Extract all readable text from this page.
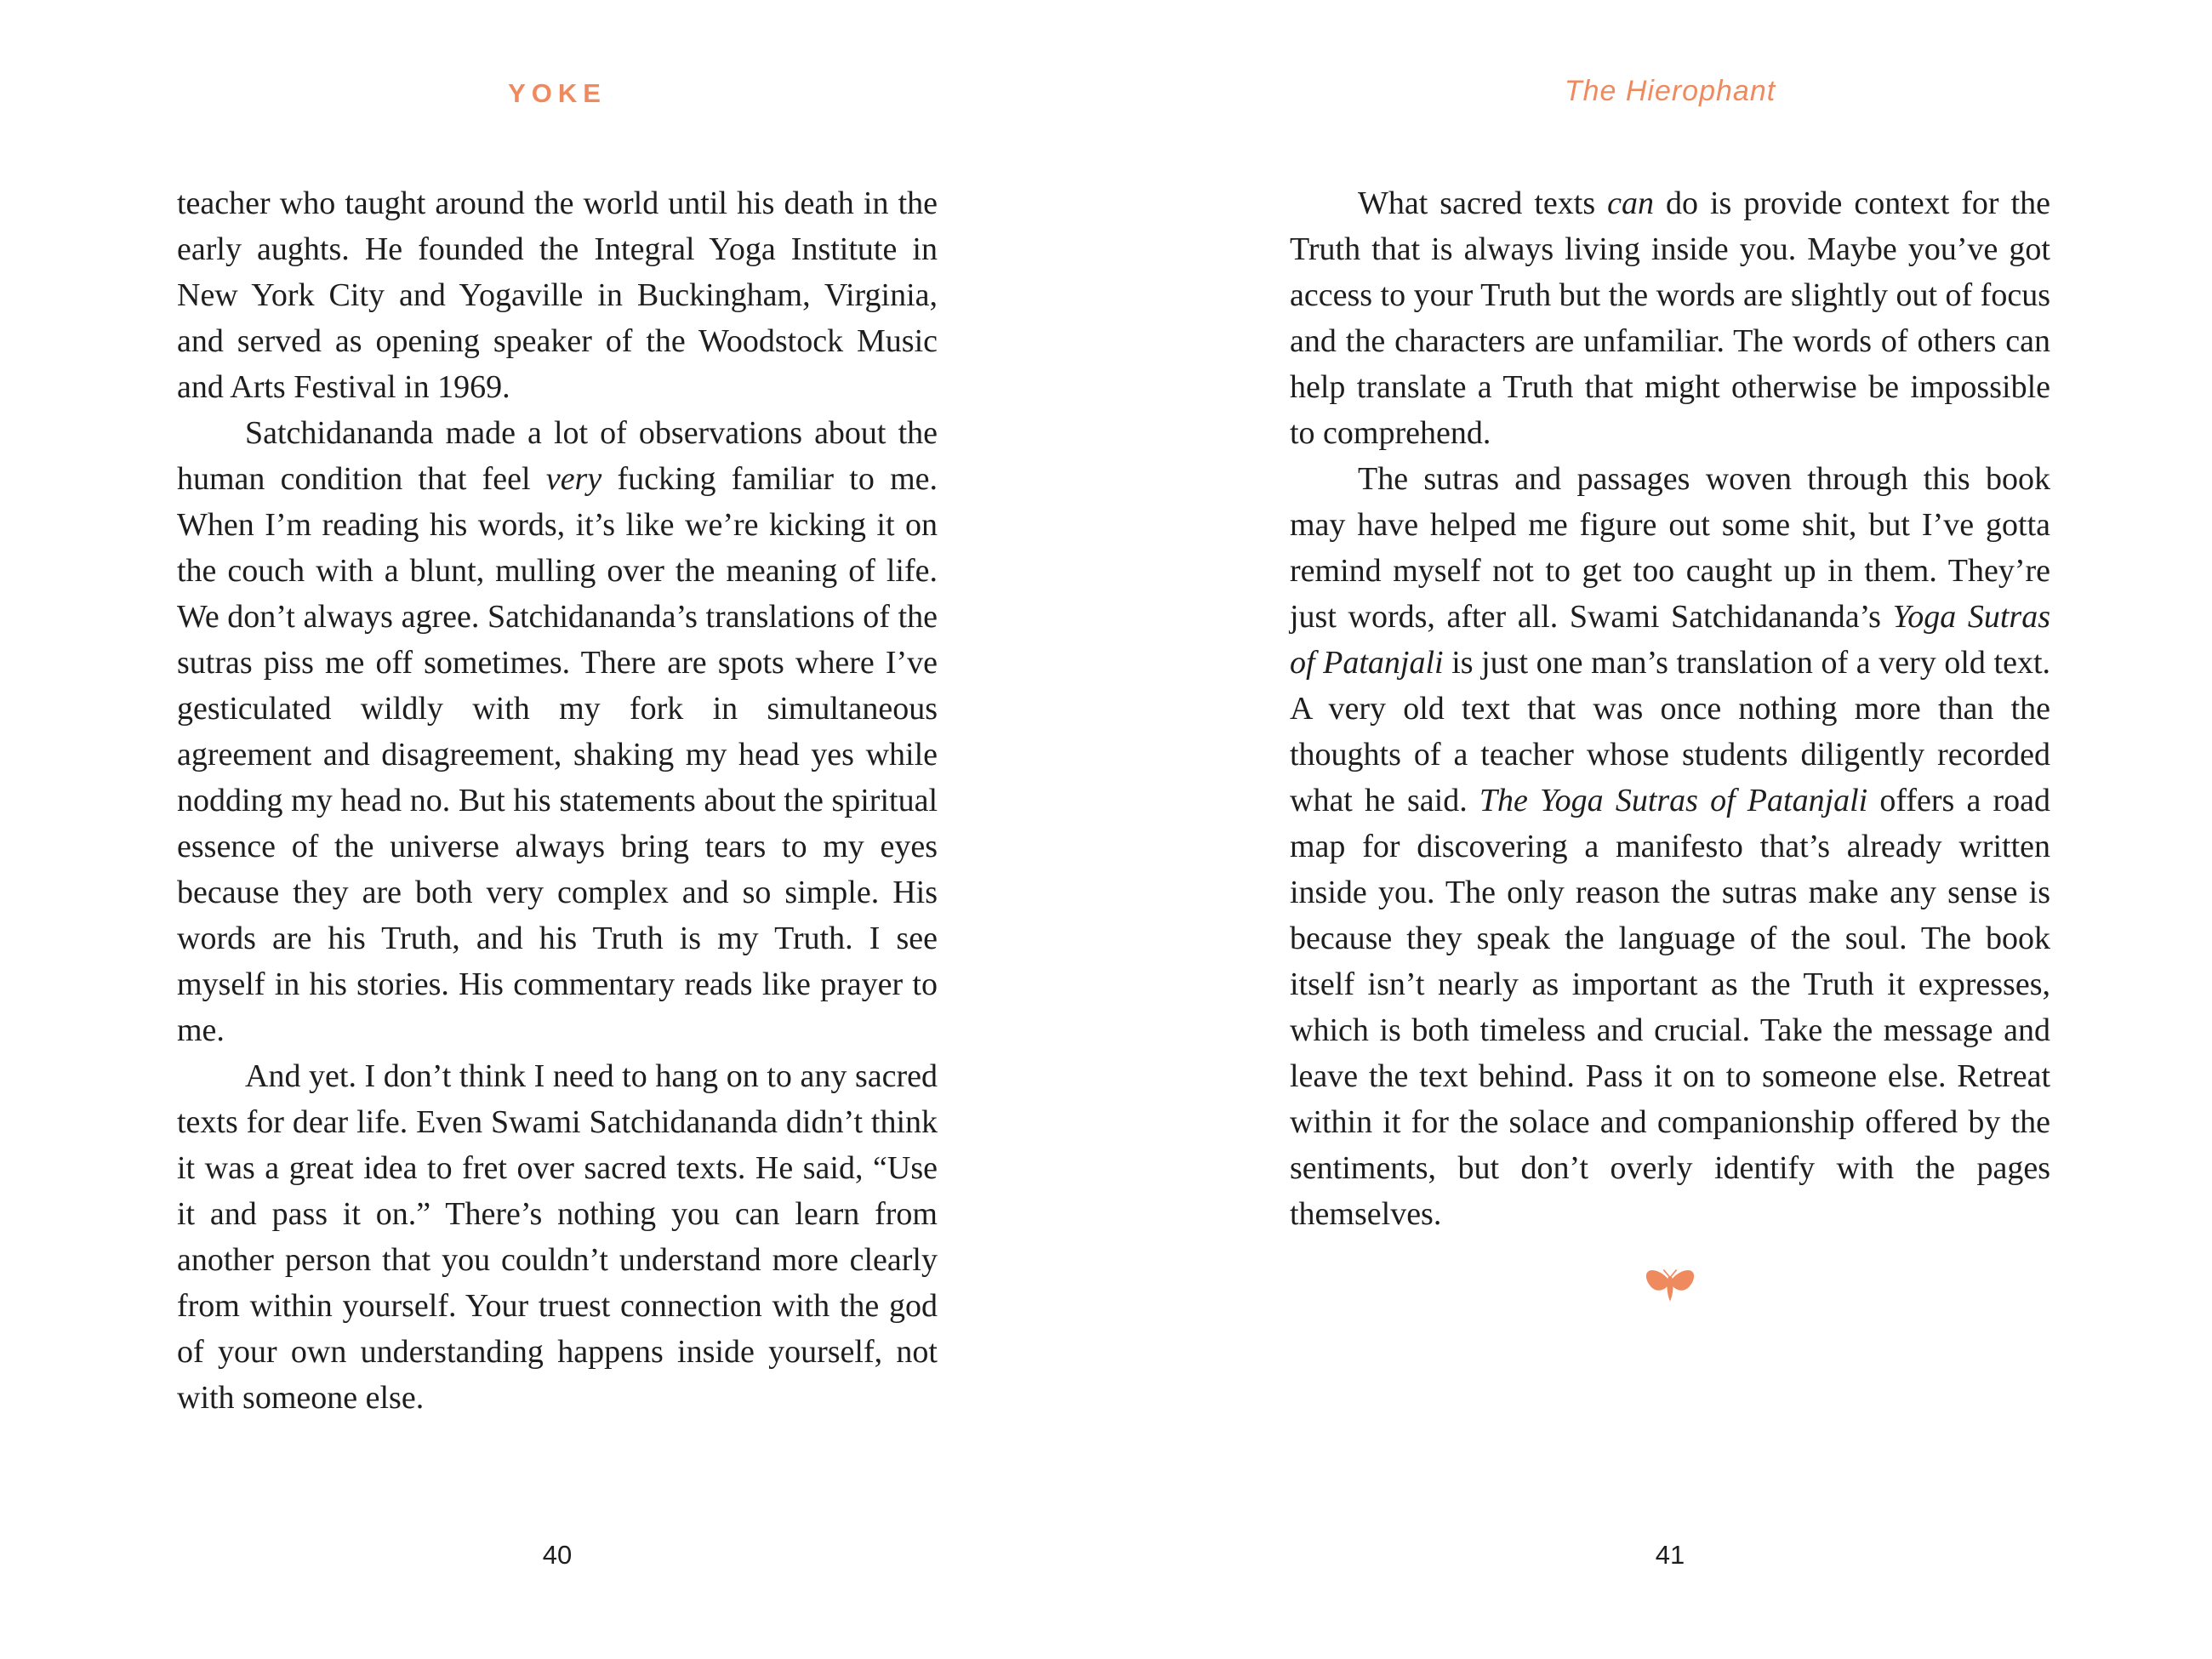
YOKE

teacher who taught around the world until his death in the early aughts. He founded the Integral Yoga Institute in New York City and Yogaville in Buckingham, Virginia, and served as opening speaker of the Woodstock Music and Arts Festival in 1969.

Satchidananda made a lot of observations about the human condition that feel very fucking familiar to me. When I’m reading his words, it’s like we’re kicking it on the couch with a blunt, mulling over the meaning of life. We don’t always agree. Satchidananda’s translations of the sutras piss me off sometimes. There are spots where I’ve gesticulated wildly with my fork in simultaneous agreement and disagreement, shaking my head yes while nodding my head no. But his statements about the spiritual essence of the universe always bring tears to my eyes because they are both very complex and so simple. His words are his Truth, and his Truth is my Truth. I see myself in his stories. His commentary reads like prayer to me.

And yet. I don’t think I need to hang on to any sacred texts for dear life. Even Swami Satchidananda didn’t think it was a great idea to fret over sacred texts. He said, “Use it and pass it on.” There’s nothing you can learn from another person that you couldn’t understand more clearly from within yourself. Your truest connection with the god of your own understanding happens inside yourself, not with someone else.

40
The Hierophant

What sacred texts can do is provide context for the Truth that is always living inside you. Maybe you’ve got access to your Truth but the words are slightly out of focus and the characters are unfamiliar. The words of others can help translate a Truth that might otherwise be impossible to comprehend.

The sutras and passages woven through this book may have helped me figure out some shit, but I’ve gotta remind myself not to get too caught up in them. They’re just words, after all. Swami Satchidananda’s Yoga Sutras of Patanjali is just one man’s translation of a very old text. A very old text that was once nothing more than the thoughts of a teacher whose students diligently recorded what he said. The Yoga Sutras of Patanjali offers a road map for discovering a manifesto that’s already written inside you. The only reason the sutras make any sense is because they speak the language of the soul. The book itself isn’t nearly as important as the Truth it expresses, which is both timeless and crucial. Take the message and leave the text behind. Pass it on to someone else. Retreat within it for the solace and companionship offered by the sentiments, but don’t overly identify with the pages themselves.

41
